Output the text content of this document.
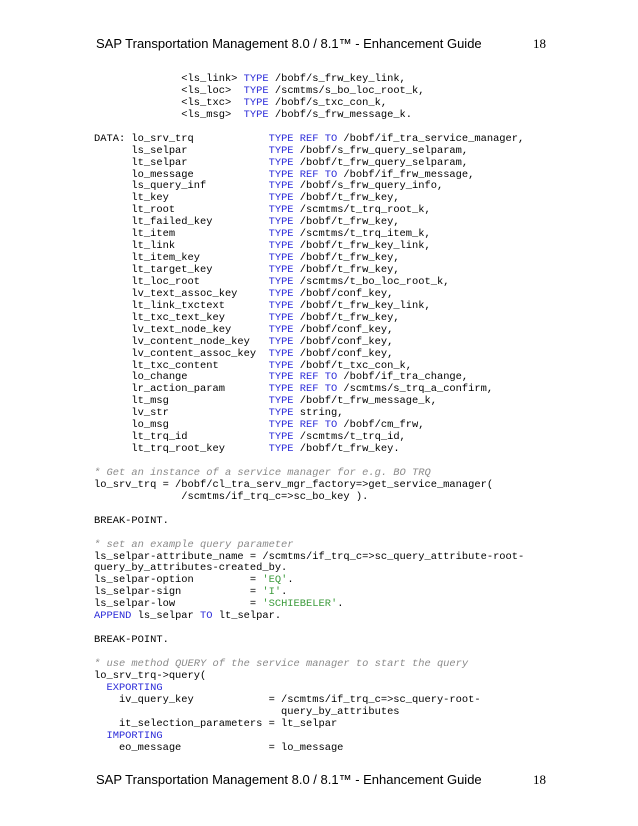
SAP Transportation Management 8.0 / 8.1™ - Enhancement Guide	18
<ls_link> TYPE /bobf/s_frw_key_link,
<ls_loc>  TYPE /scmtms/s_bo_loc_root_k,
<ls_txc>  TYPE /bobf/s_txc_con_k,
<ls_msg>  TYPE /bobf/s_frw_message_k.

DATA: lo_srv_trq            TYPE REF TO /bobf/if_tra_service_manager,
ls_selpar             TYPE /bobf/s_frw_query_selparam,
lt_selpar             TYPE /bobf/t_frw_query_selparam,
lo_message            TYPE REF TO /bobf/if_frw_message,
ls_query_inf          TYPE /bobf/s_frw_query_info,
lt_key                TYPE /bobf/t_frw_key,
lt_root               TYPE /scmtms/t_trq_root_k,
lt_failed_key         TYPE /bobf/t_frw_key,
lt_item               TYPE /scmtms/t_trq_item_k,
lt_link               TYPE /bobf/t_frw_key_link,
lt_item_key           TYPE /bobf/t_frw_key,
lt_target_key         TYPE /bobf/t_frw_key,
lt_loc_root           TYPE /scmtms/t_bo_loc_root_k,
lv_text_assoc_key     TYPE /bobf/conf_key,
lt_link_txctext       TYPE /bobf/t_frw_key_link,
lt_txc_text_key       TYPE /bobf/t_frw_key,
lv_text_node_key      TYPE /bobf/conf_key,
lv_content_node_key   TYPE /bobf/conf_key,
lv_content_assoc_key  TYPE /bobf/conf_key,
lt_txc_content        TYPE /bobf/t_txc_con_k,
lo_change             TYPE REF TO /bobf/if_tra_change,
lr_action_param       TYPE REF TO /scmtms/s_trq_a_confirm,
lt_msg                TYPE /bobf/t_frw_message_k,
lv_str                TYPE string,
lo_msg                TYPE REF TO /bobf/cm_frw,
lt_trq_id             TYPE /scmtms/t_trq_id,
lt_trq_root_key       TYPE /bobf/t_frw_key.

* Get an instance of a service manager for e.g. BO TRQ
lo_srv_trq = /bobf/cl_tra_serv_mgr_factory=>get_service_manager(
/scmtms/if_trq_c=>sc_bo_key ).

BREAK-POINT.

* set an example query parameter
ls_selpar-attribute_name = /scmtms/if_trq_c=>sc_query_attribute-root-
query_by_attributes-created_by.
ls_selpar-option         = 'EQ'.
ls_selpar-sign           = 'I'.
ls_selpar-low            = 'SCHIEBELER'.
APPEND ls_selpar TO lt_selpar.

BREAK-POINT.

* use method QUERY of the service manager to start the query
lo_srv_trq->query(
EXPORTING
iv_query_key            = /scmtms/if_trq_c=>sc_query-root-
query_by_attributes
it_selection_parameters = lt_selpar
IMPORTING
eo_message              = lo_message
SAP Transportation Management 8.0 / 8.1™ - Enhancement Guide	18
